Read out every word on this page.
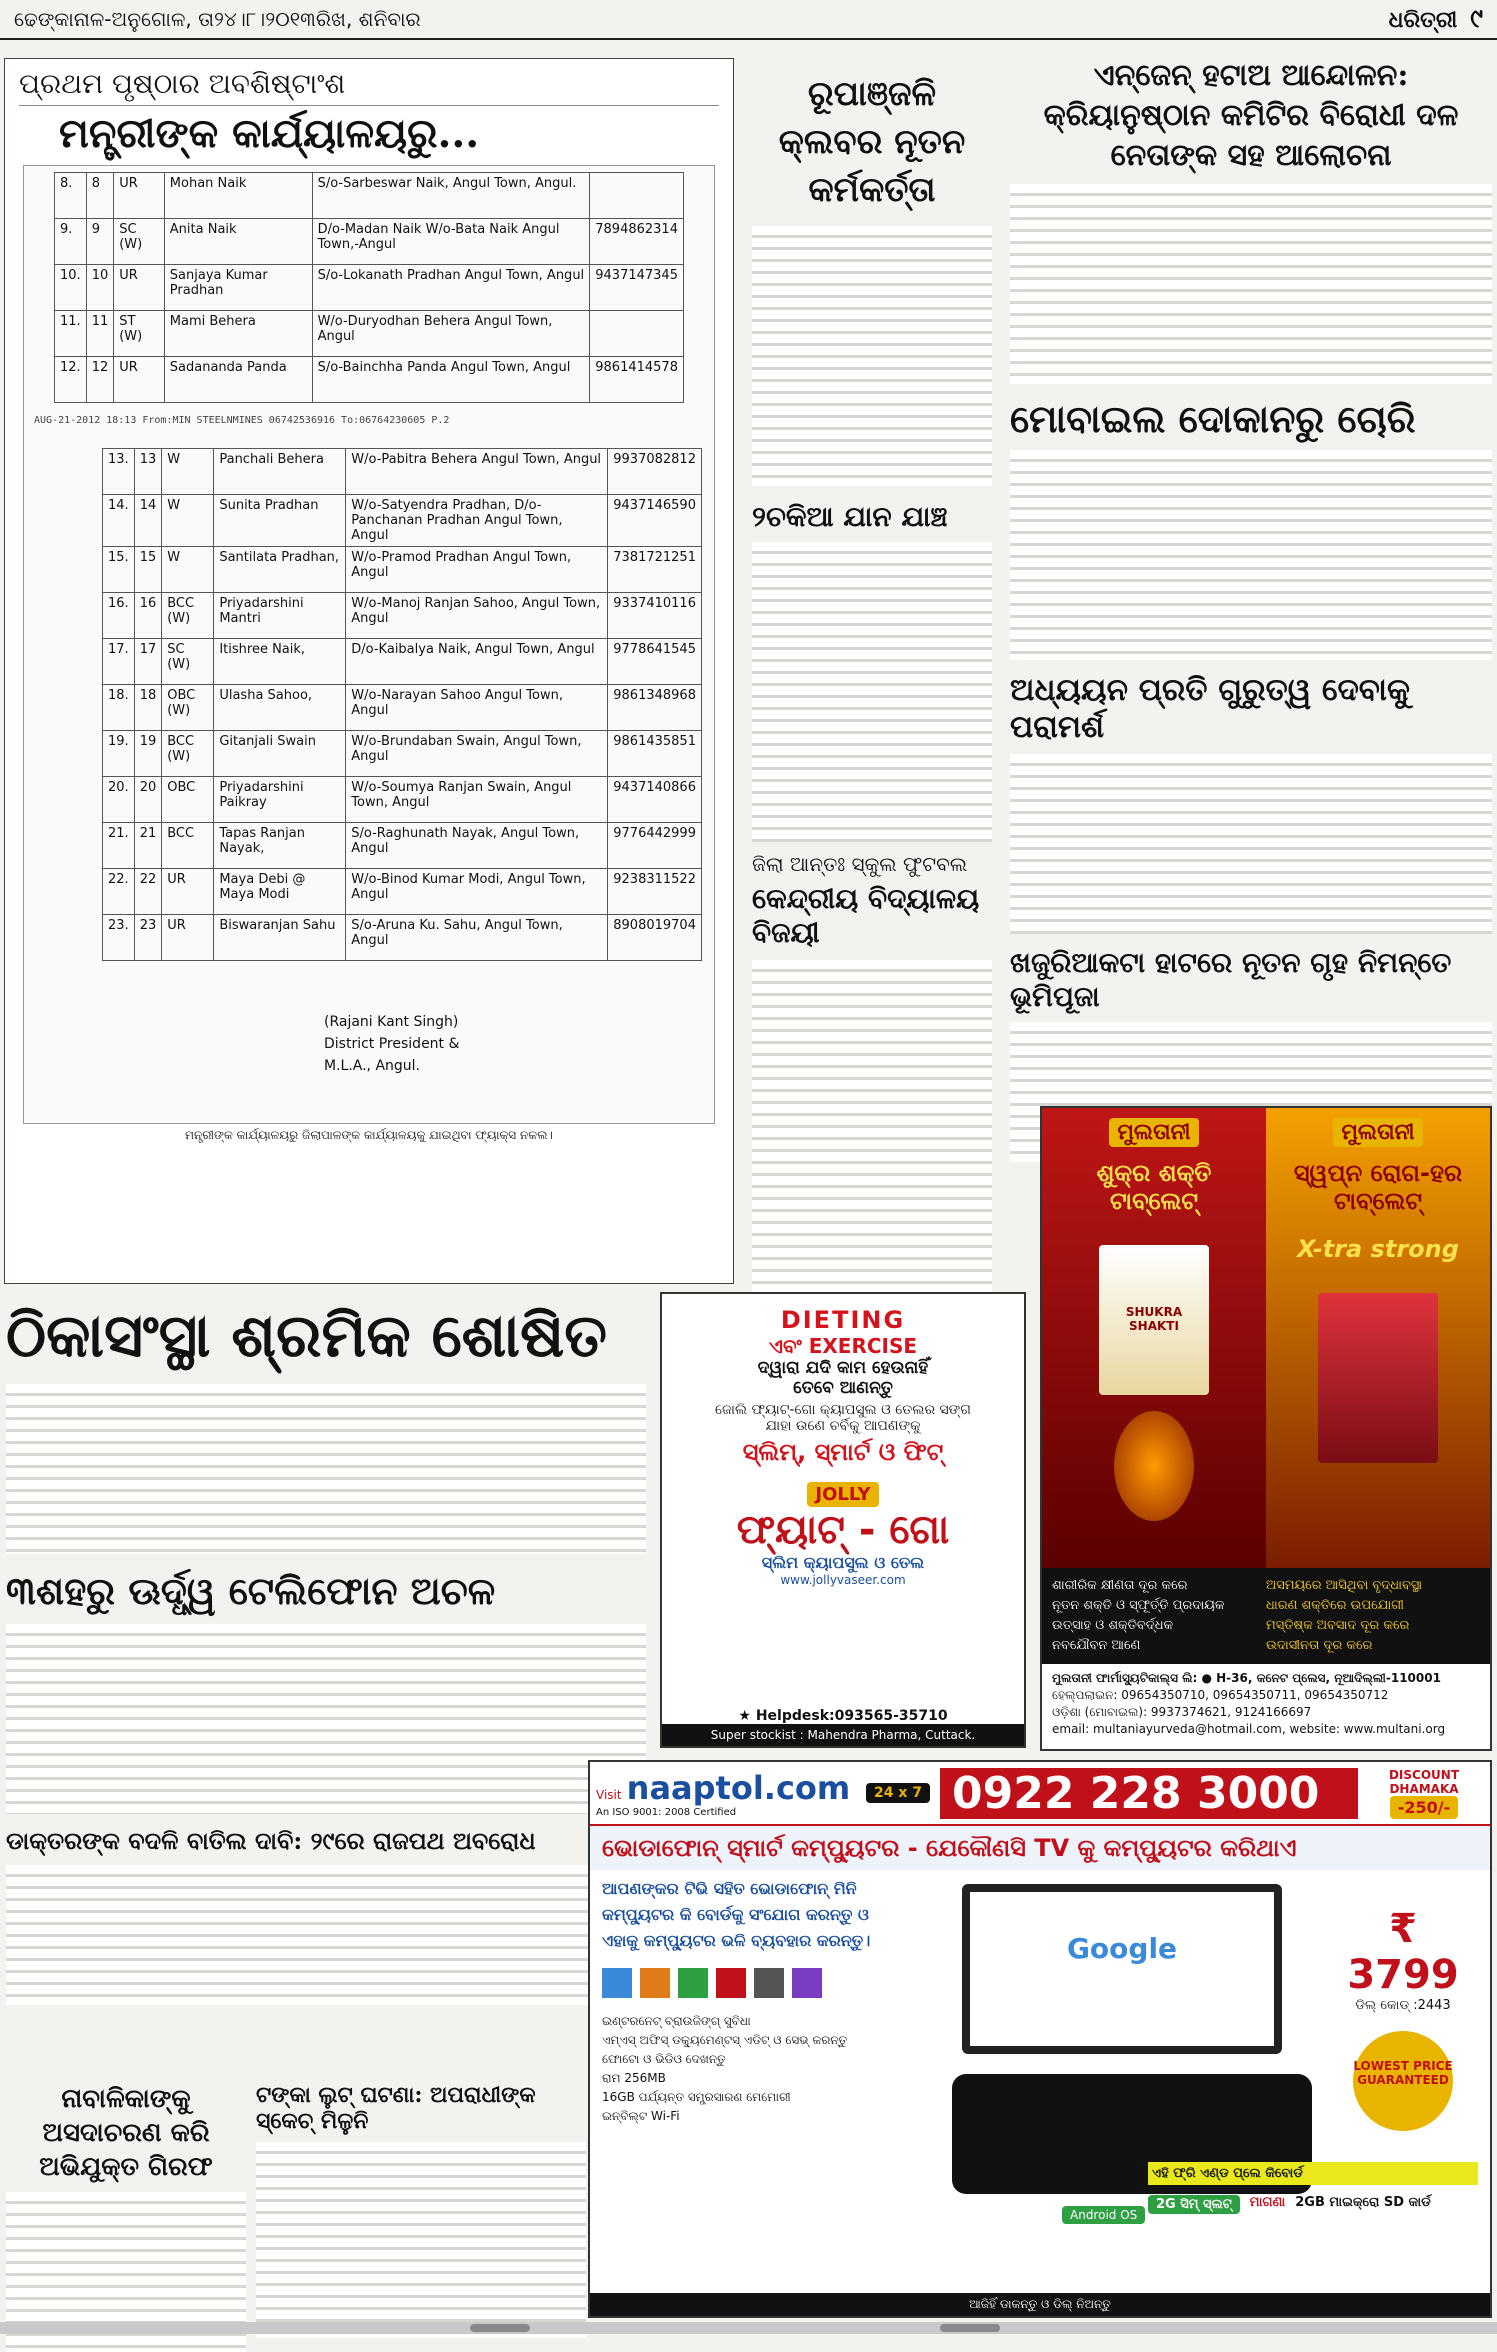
ଢେଙ୍କାନାଳ-ଅନୁଗୋଳ, ତା୨୪।୮।୨୦୧୩ରିଖ, ଶନିବାର	ଧରିତ୍ରୀ ୯
ପ୍ରଥମ ପୃଷ୍ଠାର ଅବଶିଷ୍ଟାଂଶ
ମନ୍ତ୍ରୀଙ୍କ କାର୍ଯ୍ୟାଳୟରୁ...
8.	8	UR	Mohan Naik	S/o-Sarbeswar Naik, Angul Town, Angul.	
9.	9	SC (W)	Anita Naik	D/o-Madan Naik W/o-Bata Naik Angul Town,-Angul	7894862314
10.	10	UR	Sanjaya Kumar Pradhan	S/o-Lokanath Pradhan Angul Town, Angul	9437147345
11.	11	ST (W)	Mami Behera	W/o-Duryodhan Behera Angul Town, Angul	
12.	12	UR	Sadananda Panda	S/o-Bainchha Panda Angul Town, Angul	9861414578
AUG-21-2012 18:13 From:MIN STEELNMINES 06742536916 To:06764230605 P.2
13.	13	W	Panchali Behera	W/o-Pabitra Behera Angul Town, Angul	9937082812
14.	14	W	Sunita Pradhan	W/o-Satyendra Pradhan, D/o-Panchanan Pradhan Angul Town, Angul	9437146590
15.	15	W	Santilata Pradhan,	W/o-Pramod Pradhan Angul Town, Angul	7381721251
16.	16	BCC (W)	Priyadarshini Mantri	W/o-Manoj Ranjan Sahoo, Angul Town, Angul	9337410116
17.	17	SC (W)	Itishree Naik,	D/o-Kaibalya Naik, Angul Town, Angul	9778641545
18.	18	OBC (W)	Ulasha Sahoo,	W/o-Narayan Sahoo Angul Town, Angul	9861348968
19.	19	BCC (W)	Gitanjali Swain	W/o-Brundaban Swain, Angul Town, Angul	9861435851
20.	20	OBC	Priyadarshini Paikray	W/o-Soumya Ranjan Swain, Angul Town, Angul	9437140866
21.	21	BCC	Tapas Ranjan Nayak,	S/o-Raghunath Nayak, Angul Town, Angul	9776442999
22.	22	UR	Maya Debi @ Maya Modi	W/o-Binod Kumar Modi, Angul Town, Angul	9238311522
23.	23	UR	Biswaranjan Sahu	S/o-Aruna Ku. Sahu, Angul Town, Angul	8908019704
(Rajani Kant Singh)
District President &
M.L.A., Angul.
ମନ୍ତ୍ରୀଙ୍କ କାର୍ଯ୍ୟାଳୟରୁ ଜିଲାପାଳଙ୍କ କାର୍ଯ୍ୟାଳୟକୁ ଯାଇଥିବା ଫ୍ୟାକ୍ସ ନକଲ।
ରୂପାଞ୍ଜଳି କ୍ଲବର ନୂତନ କର୍ମକର୍ତ୍ତା
୨ଚକିଆ ଯାନ ଯାଞ୍ଚ
ଜିଲା ଆନ୍ତଃ ସ୍କୁଲ ଫୁଟବଲ
କେନ୍ଦ୍ରୀୟ ବିଦ୍ୟାଳୟ ବିଜୟୀ
ଏନ୍‌ଜେନ୍ ହଟାଅ ଆନ୍ଦୋଳନ: କ୍ରିୟାନୁଷ୍ଠାନ କମିଟିର ବିରୋଧୀ ଦଳ ନେତାଙ୍କ ସହ ଆଲୋଚନା
ମୋବାଇଲ ଦୋକାନରୁ ଚୋରି
ଅଧ୍ୟୟନ ପ୍ରତି ଗୁରୁତ୍ୱ ଦେବାକୁ ପରାମର୍ଶ
ଖଜୁରିଆକଟା ହାଟରେ ନୂତନ ଗୃହ ନିମନ୍ତେ ଭୂମିପୂଜା
ମୁଲତାନୀ
ଶୁକ୍ର ଶକ୍ତି ଟାବ୍‌ଲେଟ୍
SHUKRA SHAKTI
ମୁଲତାନୀ
ସ୍ୱପ୍ନ ରୋଗ-ହର ଟାବ୍‌ଲେଟ୍
X-tra strong
ଶାରୀରିକ କ୍ଷୀଣତା ଦୂର କରେ
ନୂତନ ଶକ୍ତି ଓ ସ୍ଫୂର୍ତ୍ତି ପ୍ରଦାୟକ
ଉତ୍ସାହ ଓ ଶକ୍ତିବର୍ଦ୍ଧକ
ନବଯୌବନ ଆଣେ
ଅସମୟରେ ଆସିଥିବା ବୃଦ୍ଧାବସ୍ଥା
ଧାରଣ ଶକ୍ତିରେ ଉପଯୋଗୀ
ମସ୍ତିଷ୍କ ଅବସାଦ ଦୂର କରେ
ଉଦାସୀନତା ଦୂର କରେ
ମୁଲତାନୀ ଫାର୍ମାସ୍ୟୁଟିକାଲ୍ସ ଲି: ● H-36, କନେଟ ପ୍ଲେସ, ନୂଆଦିଲ୍ଲୀ-110001
ହେଲ୍ପଲାଇନ: 09654350710, 09654350711, 09654350712
ଓଡ଼ିଶା (ମୋବାଇଲ): 9937374621, 9124166697
email: multaniayurveda@hotmail.com, website: www.multani.org
ଠିକାସଂସ୍ଥା ଶ୍ରମିକ ଶୋଷିତ
୩ଶହରୁ ଊର୍ଦ୍ଧ୍ୱ ଟେଲିଫୋନ ଅଚଳ
ଡାକ୍ତରଙ୍କ ବଦଳି ବାତିଲ ଦାବି: ୨୯ରେ ରାଜପଥ ଅବରୋଧ
ନାବାଳିକାଙ୍କୁ ଅସଦାଚରଣ କରି ଅଭିଯୁକ୍ତ ଗିରଫ
ଟଙ୍କା ଲୁଟ୍ ଘଟଣା: ଅପରାଧୀଙ୍କ ସ୍କେଚ୍ ମିଳୁନି
DIETING
ଏବଂ EXERCISE
ଦ୍ୱାରା ଯଦି କାମ ହେଉନାହିଁ
ତେବେ ଆଣନ୍ତୁ
ଜୋଲି ଫ୍ୟାଟ୍-ଗୋ କ୍ୟାପସୁଲ ଓ ତେଲର ସଙ୍ଗ
ଯାହା ଉଣେ ଚର୍ବିକୁ ଆପଣଙ୍କୁ
ସ୍ଲିମ୍, ସ୍ମାର୍ଟ ଓ ଫିଟ୍
JOLLY
ଫ୍ୟାଟ୍ - ଗୋ
ସ୍ଲିମ କ୍ୟାପସୁଲ ଓ ତେଲ
www.jollyvaseer.com
★ Helpdesk:093565-35710
Super stockist : Mahendra Pharma, Cuttack.
Visit naaptol.com
An ISO 9001: 2008 Certified
24 x 7 0922 228 3000	DISCOUNT DHAMAKA
-250/-
ଭୋଡାଫୋନ୍ ସ୍ମାର୍ଟ କମ୍ପ୍ୟୁଟର - ଯେକୌଣସି TV କୁ କମ୍ପ୍ୟୁଟର କରିଥାଏ
ଆପଣଙ୍କର ଟିଭି ସହିତ ଭୋଡାଫୋନ୍ ମିନି
କମ୍ପ୍ୟୁଟର କି ବୋର୍ଡକୁ ସଂଯୋଗ କରନ୍ତୁ ଓ
ଏହାକୁ କମ୍ପ୍ୟୁଟର ଭଳି ବ୍ୟବହାର କରନ୍ତୁ।
ଇଣ୍ଟରନେଟ୍ ବ୍ରାଉଜିଙ୍ଗ୍ ସୁବିଧା
ଏମ୍‌ଏସ୍ ଅଫିସ୍ ଡକ୍ୟୁମେଣ୍ଟସ୍ ଏଡିଟ୍ ଓ ସେଭ୍ କରନ୍ତୁ
ଫୋଟୋ ଓ ଭିଡିଓ ଦେଖନ୍ତୁ
ରାମ 256MB
16GB ପର୍ଯ୍ୟନ୍ତ ସମ୍ପ୍ରସାରଣ ମେମୋରୀ
ଇନ୍‌ବିଲ୍ଟ Wi-Fi
Google
Android OS
₹ 3799
ଡିଲ୍ କୋଡ୍ :2443
LOWEST PRICE GUARANTEED
ଏହି ଫ୍ରି ଏଣ୍ଡ ପ୍ଲେ କିବୋର୍ଡ
2G ସିମ୍ ସ୍ଲଟ୍	ମାଗଣା 2GB ମାଇକ୍ରୋ SD କାର୍ଡ
ଆଜିହିଁ ଡାକନ୍ତୁ ଓ ଡିଲ୍ ନିଅନ୍ତୁ
